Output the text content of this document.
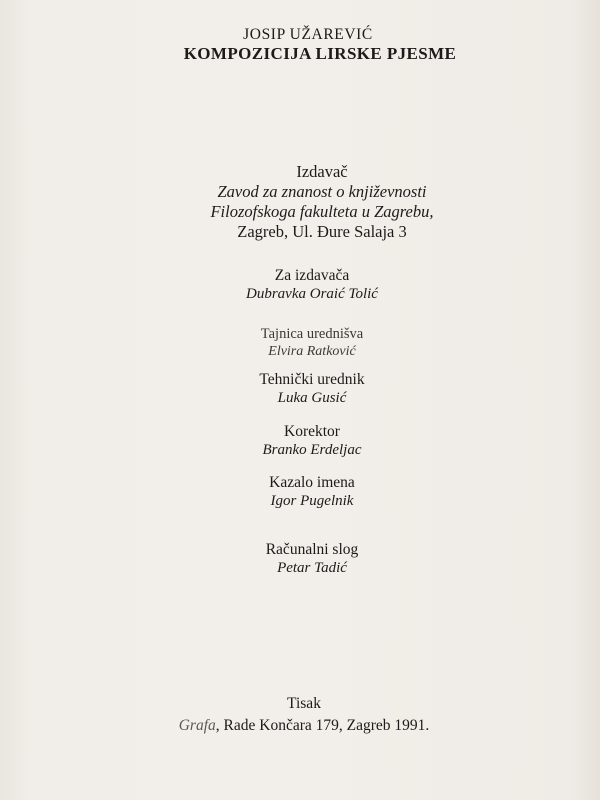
JOSIP UŽAREVIĆ
KOMPOZICIJA LIRSKE PJESME
Izdavač
Zavod za znanost o književnosti
Filozofskoga fakulteta u Zagrebu,
Zagreb, Ul. Đure Salaja 3
Za izdavača
Dubravka Oraić Tolić
Tajnica urednišva
Elvira Ratković
Tehnički urednik
Luka Gusić
Korektor
Branko Erdeljac
Kazalo imena
Igor Pugelnik
Računalni slog
Petar Tadić
Tisak
Grafa, Rade Končara 179, Zagreb 1991.
